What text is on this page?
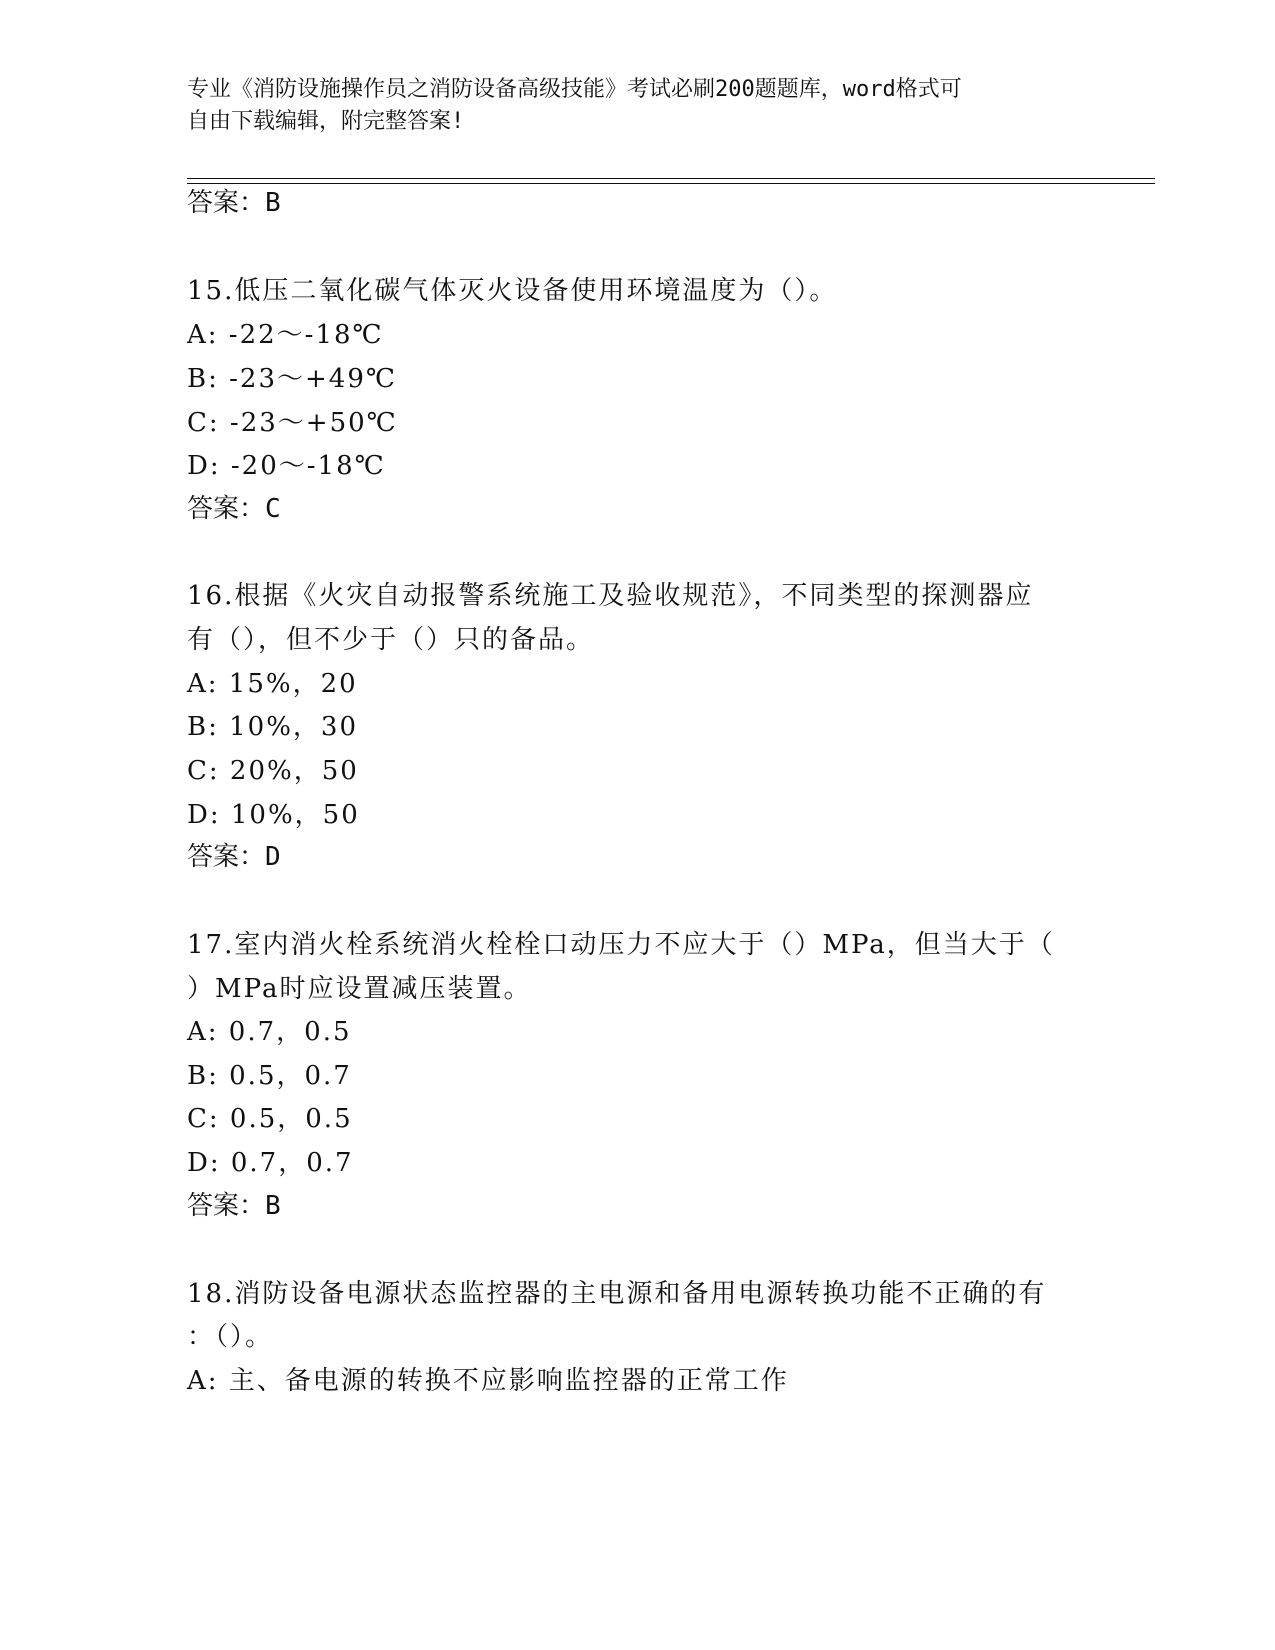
专业《消防设施操作员之消防设备高级技能》考试必刷200题题库，word格式可
自由下载编辑，附完整答案!
答案：B
15.低压二氧化碳气体灭火设备使用环境温度为（）。
A: -22～-18℃
B: -23～+49℃
C: -23～+50℃
D: -20～-18℃
答案：C
16.根据《火灾自动报警系统施工及验收规范》，不同类型的探测器应
有（），但不少于（）只的备品。
A: 15%，20
B: 10%，30
C: 20%，50
D: 10%，50
答案：D
17.室内消火栓系统消火栓栓口动压力不应大于（）MPa，但当大于（
）MPa时应设置减压装置。
A: 0.7，0.5
B: 0.5，0.7
C: 0.5，0.5
D: 0.7，0.7
答案：B
18.消防设备电源状态监控器的主电源和备用电源转换功能不正确的有
：（）。
A: 主、备电源的转换不应影响监控器的正常工作
